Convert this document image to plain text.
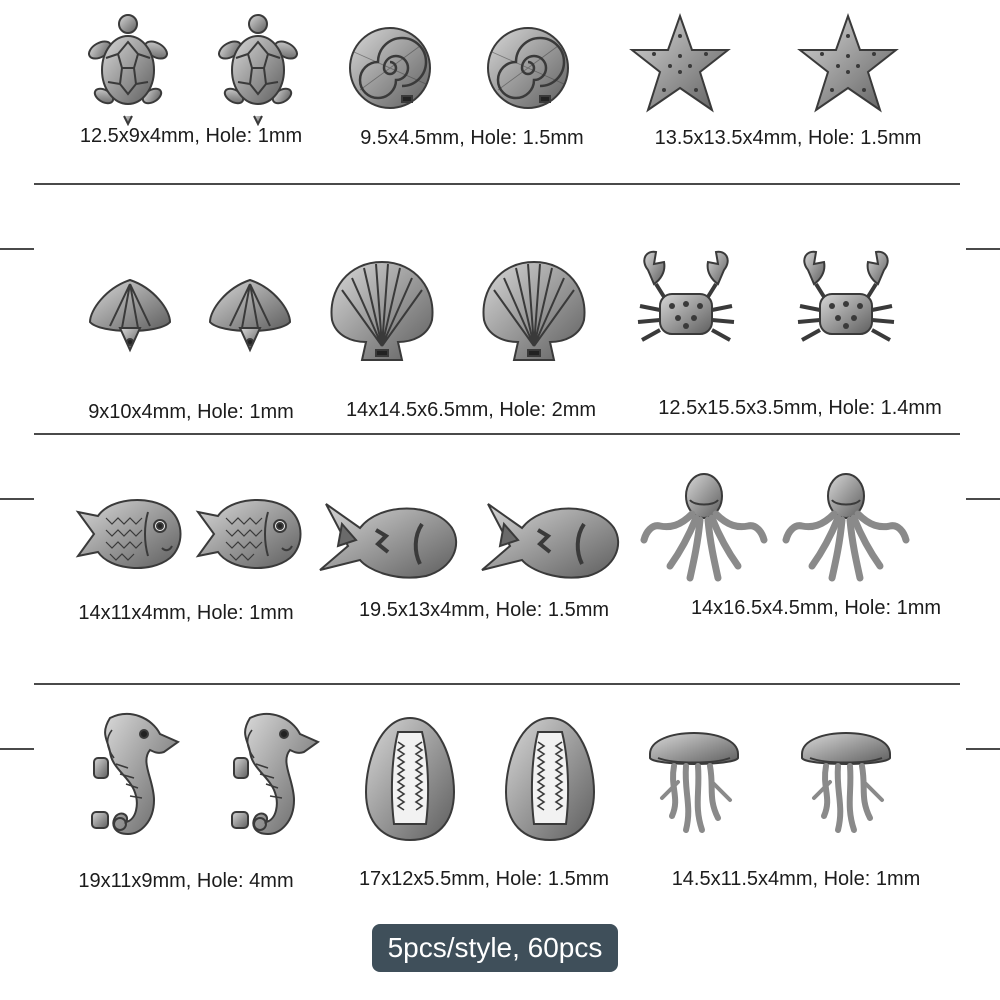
12.5x9x4mm, Hole: 1mm	9.5x4.5mm, Hole: 1.5mm	13.5x13.5x4mm, Hole: 1.5mm
9x10x4mm, Hole: 1mm	14x14.5x6.5mm, Hole: 2mm	12.5x15.5x3.5mm, Hole: 1.4mm
14x11x4mm, Hole: 1mm	19.5x13x4mm, Hole: 1.5mm	14x16.5x4.5mm, Hole: 1mm
19x11x9mm, Hole: 4mm	17x12x5.5mm, Hole: 1.5mm	14.5x11.5x4mm, Hole: 1mm
5pcs/style, 60pcs
